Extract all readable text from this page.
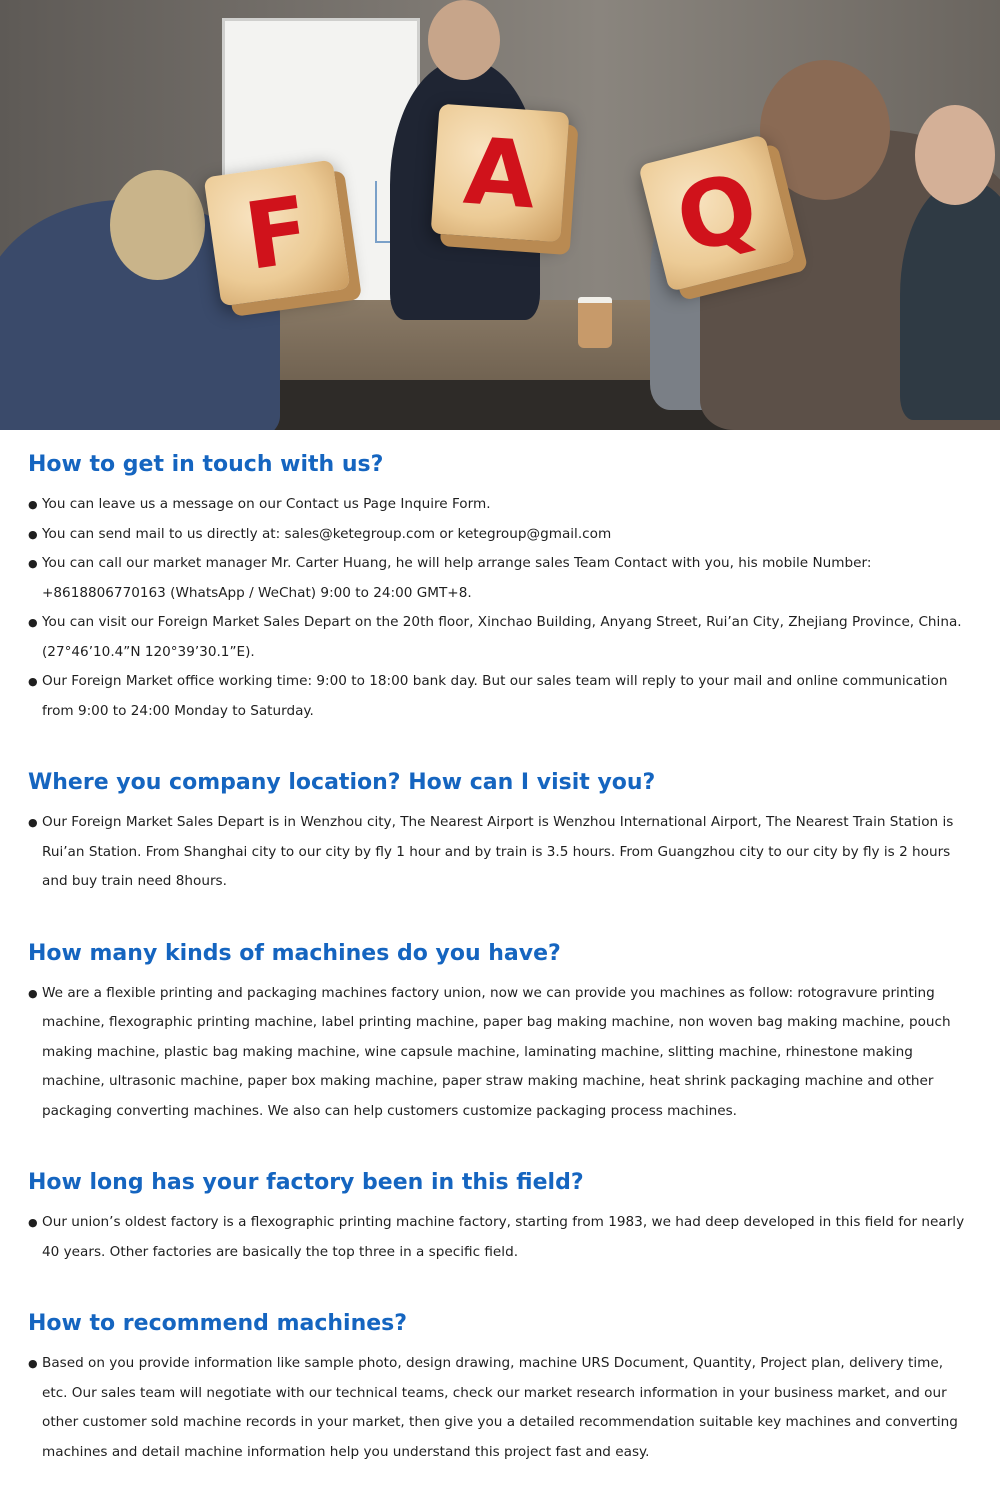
F
A	Q
How to get in touch with us?
● You can leave us a message on our Contact us Page Inquire Form.
● You can send mail to us directly at: sales@ketegroup.com or ketegroup@gmail.com
● You can call our market manager Mr. Carter Huang, he will help arrange sales Team Contact with you, his mobile Number: +8618806770163 (WhatsApp / WeChat) 9:00 to 24:00 GMT+8.
● You can visit our Foreign Market Sales Depart on the 20th floor, Xinchao Building, Anyang Street, Rui’an City, Zhejiang Province, China. (27°46’10.4”N 120°39’30.1”E).
● Our Foreign Market office working time: 9:00 to 18:00 bank day. But our sales team will reply to your mail and online communication from 9:00 to 24:00 Monday to Saturday.
Where you company location? How can I visit you?
● Our Foreign Market Sales Depart is in Wenzhou city, The Nearest Airport is Wenzhou International Airport, The Nearest Train Station is Rui’an Station. From Shanghai city to our city by fly 1 hour and by train is 3.5 hours. From Guangzhou city to our city by fly is 2 hours and buy train need 8hours.
How many kinds of machines do you have?
● We are a flexible printing and packaging machines factory union, now we can provide you machines as follow: rotogravure printing machine, flexographic printing machine, label printing machine, paper bag making machine, non woven bag making machine, pouch making machine, plastic bag making machine, wine capsule machine, laminating machine, slitting machine, rhinestone making machine, ultrasonic machine, paper box making machine, paper straw making machine, heat shrink packaging machine and other packaging converting machines. We also can help customers customize packaging process machines.
How long has your factory been in this field?
● Our union’s oldest factory is a flexographic printing machine factory, starting from 1983, we had deep developed in this field for nearly 40 years. Other factories are basically the top three in a specific field.
How to recommend machines?
● Based on you provide information like sample photo, design drawing, machine URS Document, Quantity, Project plan, delivery time, etc. Our sales team will negotiate with our technical teams, check our market research information in your business market, and our other customer sold machine records in your market, then give you a detailed recommendation suitable key machines and converting machines and detail machine information help you understand this project fast and easy.
